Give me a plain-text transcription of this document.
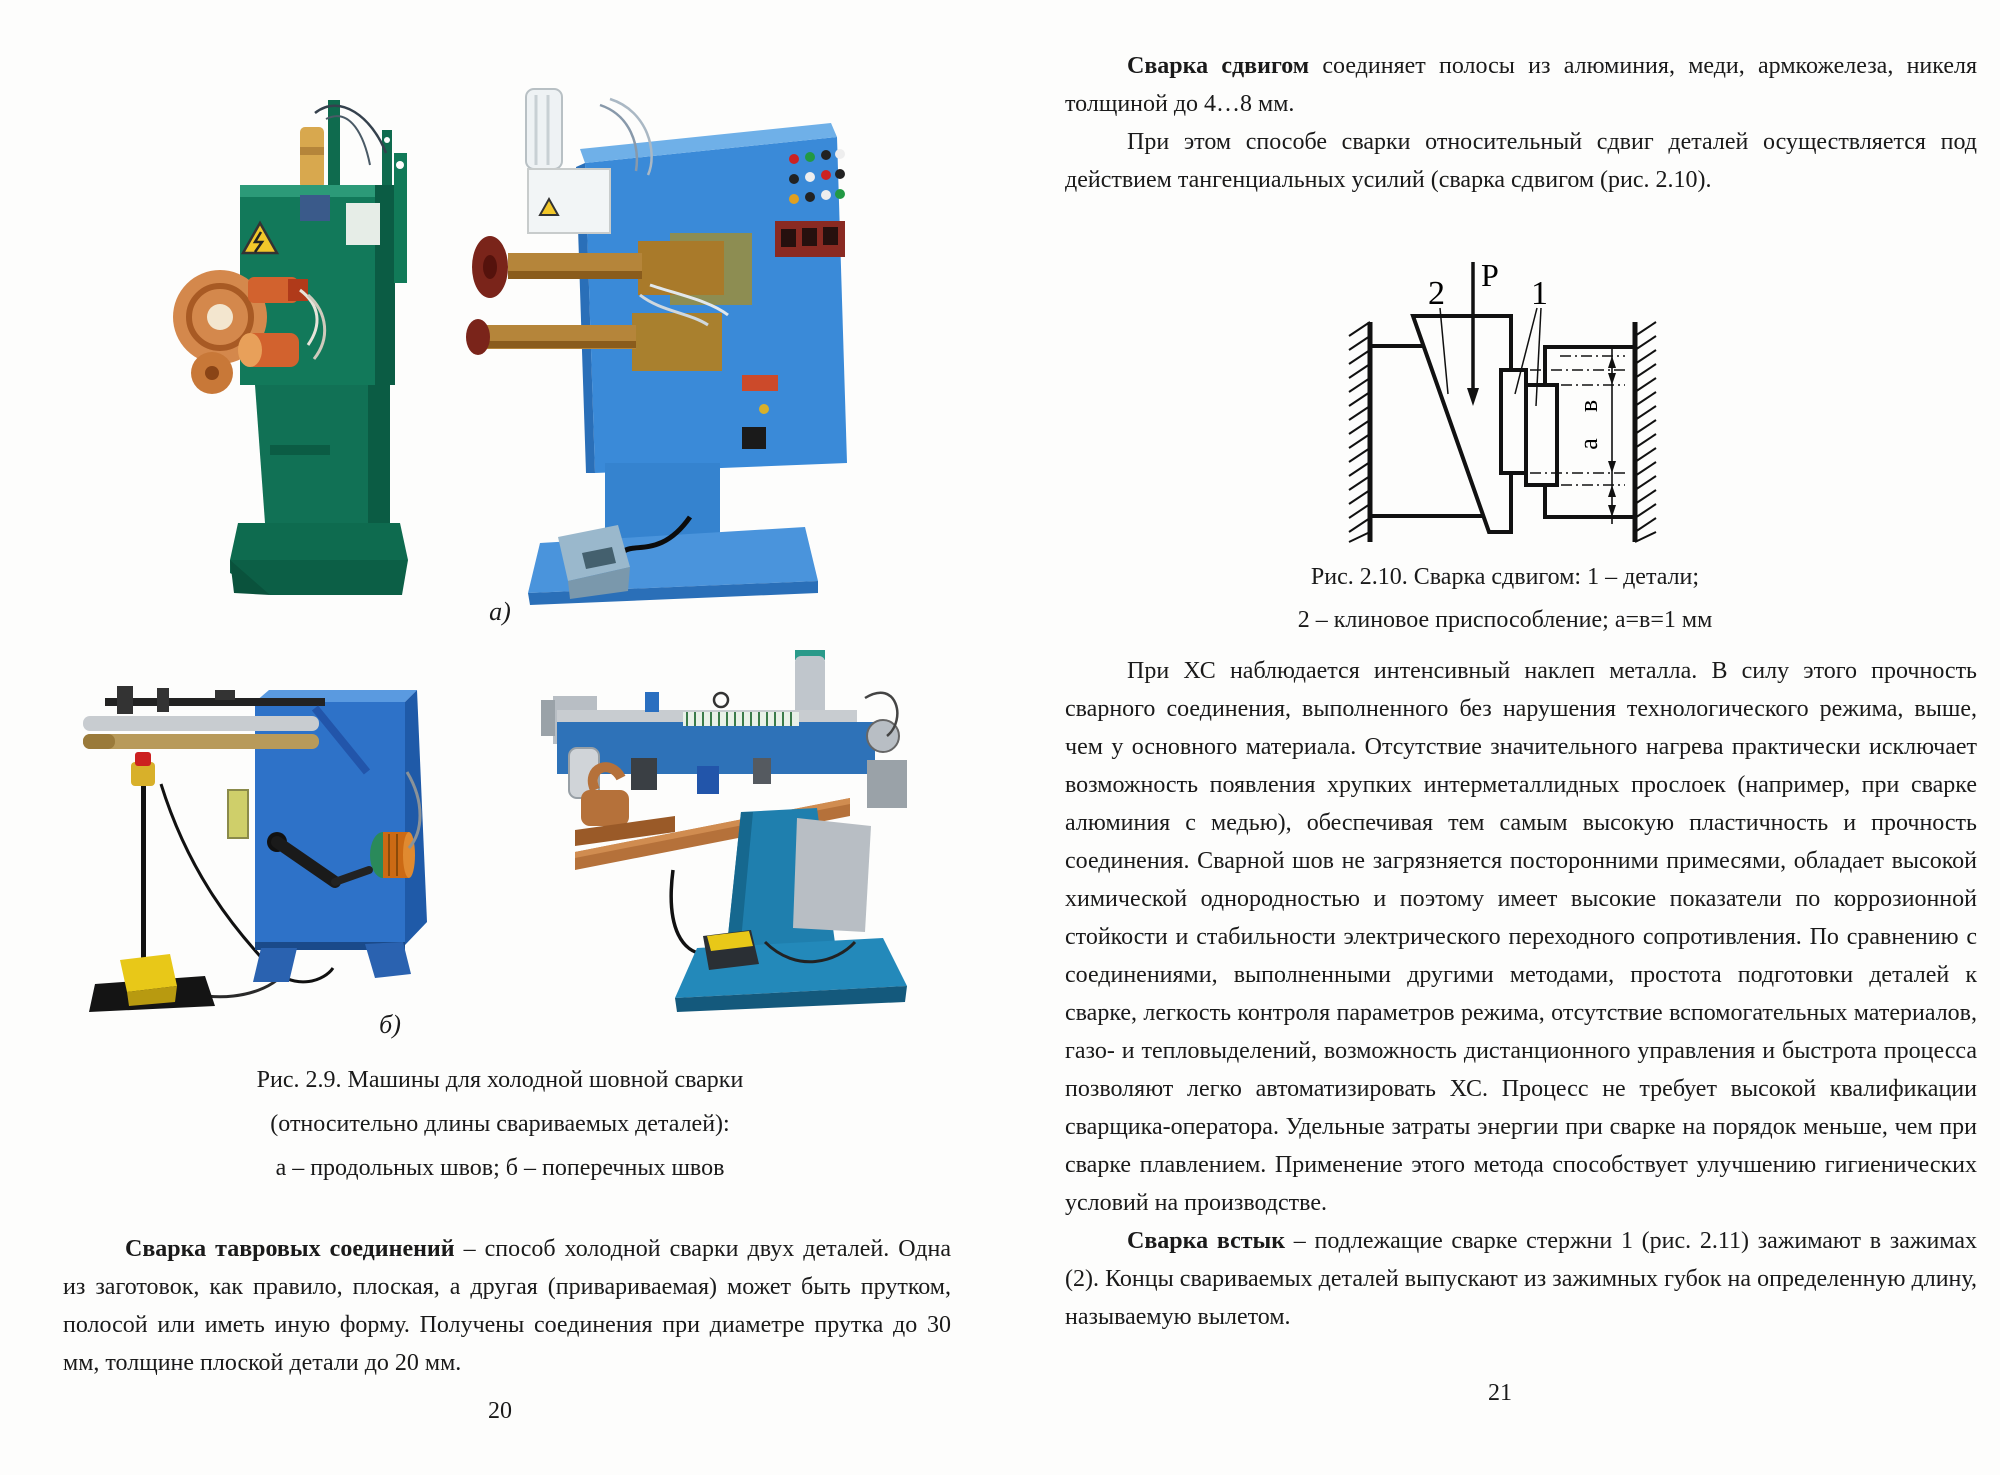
а)
б)
Рис. 2.9. Машины для холодной шовной сварки
(относительно длины свариваемых деталей):
а – продольных швов; б – поперечных швов

Сварка тавровых соединений – способ холодной сварки двух деталей. Одна из заготовок, как правило, плоская, а другая (привариваемая) может быть прутком, полосой или иметь иную форму. Получены соединения при диаметре прутка до 30 мм, толщине плоской детали до 20 мм.

20

Сварка сдвигом соединяет полосы из алюминия, меди, армкожелеза, никеля толщиной до 4…8 мм.

При этом способе сварки относительный сдвиг деталей осуществляется под действием тангенциальных усилий (сварка сдвигом (рис. 2.10).

P
2	1
в
а
Рис. 2.10. Сварка сдвигом: 1 – детали;
2 – клиновое приспособление; а=в=1 мм

При ХС наблюдается интенсивный наклеп металла. В силу этого прочность сварного соединения, выполненного без нарушения технологического режима, выше, чем у основного материала. Отсутствие значительного нагрева практически исключает возможность появления хрупких интерметаллидных прослоек (например, при сварке алюминия с медью), обеспечивая тем самым высокую пластичность и прочность соединения. Сварной шов не загрязняется посторонними примесями, обладает высокой химической однородностью и поэтому имеет высокие показатели по коррозионной стойкости и стабильности электрического переходного сопротивления. По сравнению с соединениями, выполненными другими методами, простота подготовки деталей к сварке, легкость контроля параметров режима, отсутствие вспомогательных материалов, газо- и тепловыделений, возможность дистанционного управления и быстрота процесса позволяют легко автоматизировать ХС. Процесс не требует высокой квалификации сварщика-оператора. Удельные затраты энергии при сварке на порядок меньше, чем при сварке плавлением. Применение этого метода способствует улучшению гигиенических условий на производстве.

Сварка встык – подлежащие сварке стержни 1 (рис. 2.11) зажимают в зажимах (2). Концы свариваемых деталей выпускают из зажимных губок на определенную длину, называемую вылетом.

21
